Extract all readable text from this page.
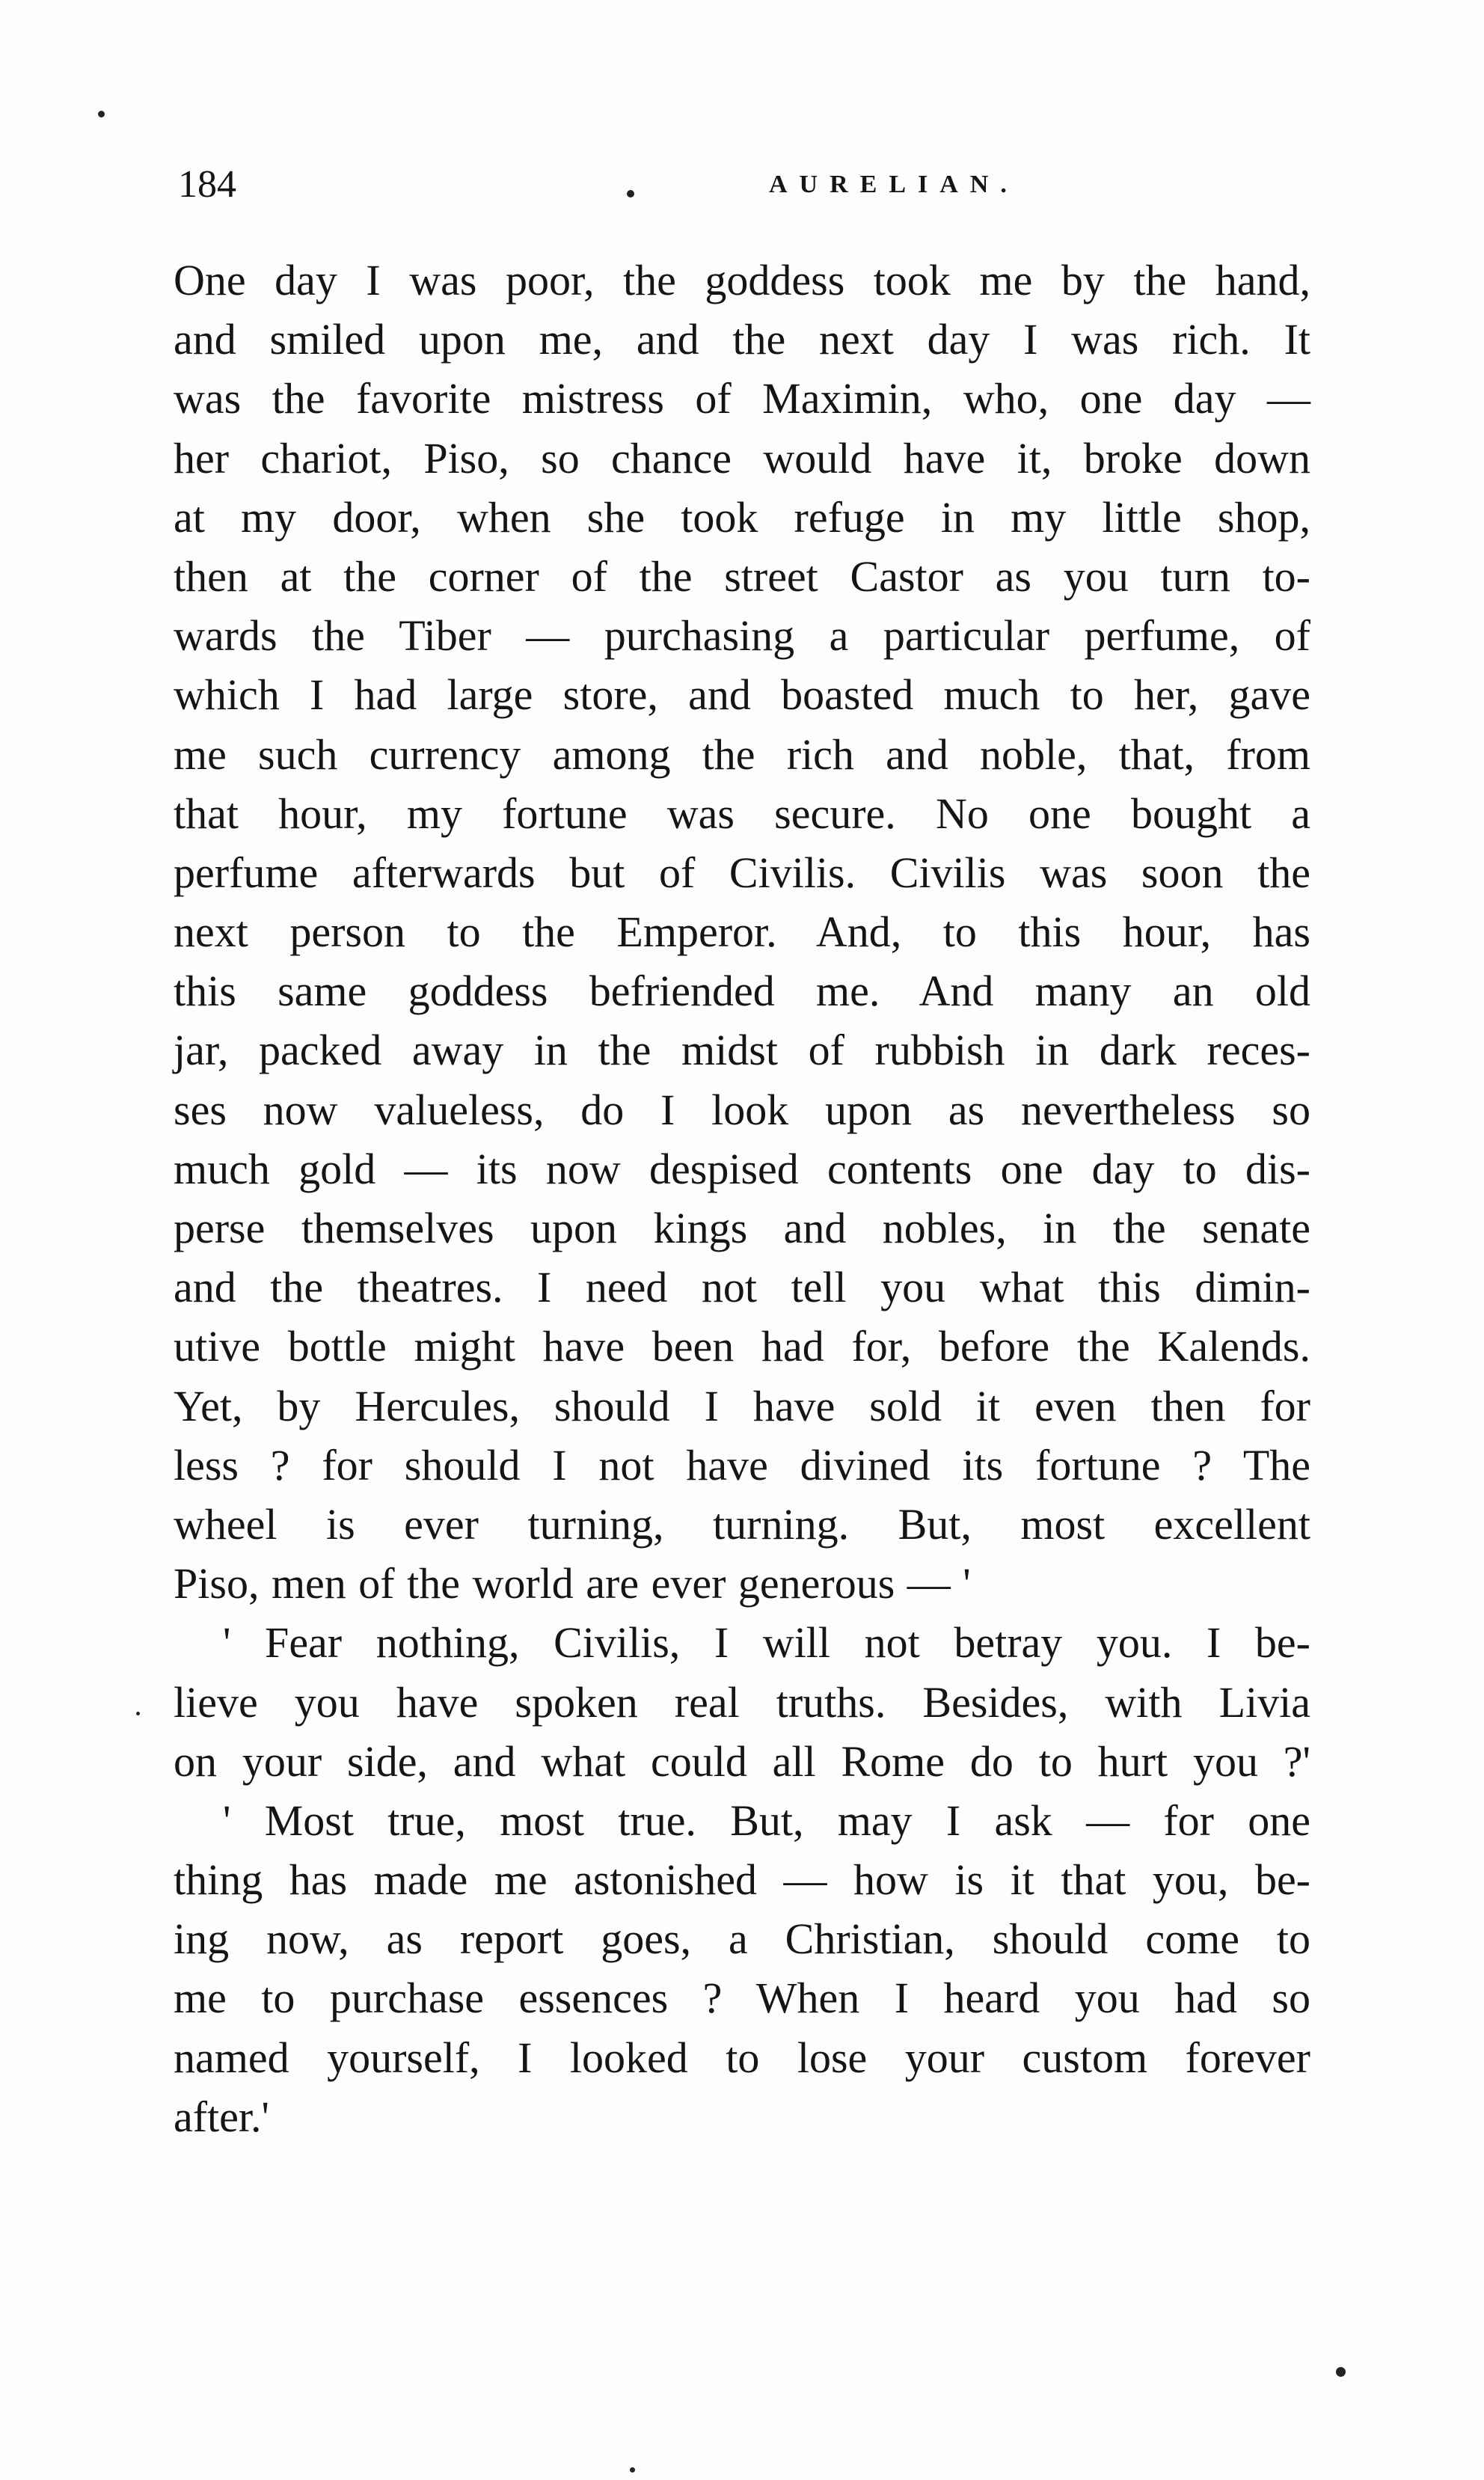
184	AURELIAN.
One day I was poor, the goddess took me by the hand,
and smiled upon me, and the next day I was rich. It
was the favorite mistress of Maximin, who, one day —
her chariot, Piso, so chance would have it, broke down
at my door, when she took refuge in my little shop,
then at the corner of the street Castor as you turn to-
wards the Tiber — purchasing a particular perfume, of
which I had large store, and boasted much to her, gave
me such currency among the rich and noble, that, from
that hour, my fortune was secure. No one bought a
perfume afterwards but of Civilis. Civilis was soon the
next person to the Emperor. And, to this hour, has
this same goddess befriended me. And many an old
jar, packed away in the midst of rubbish in dark reces-
ses now valueless, do I look upon as nevertheless so
much gold — its now despised contents one day to dis-
perse themselves upon kings and nobles, in the senate
and the theatres. I need not tell you what this dimin-
utive bottle might have been had for, before the Kalends.
Yet, by Hercules, should I have sold it even then for
less ? for should I not have divined its fortune ? The
wheel is ever turning, turning. But, most excellent
Piso, men of the world are ever generous — '
' Fear nothing, Civilis, I will not betray you. I be-
lieve you have spoken real truths. Besides, with Livia
on your side, and what could all Rome do to hurt you ?'
' Most true, most true. But, may I ask — for one
thing has made me astonished — how is it that you, be-
ing now, as report goes, a Christian, should come to
me to purchase essences ? When I heard you had so
named yourself, I looked to lose your custom forever
after.'
